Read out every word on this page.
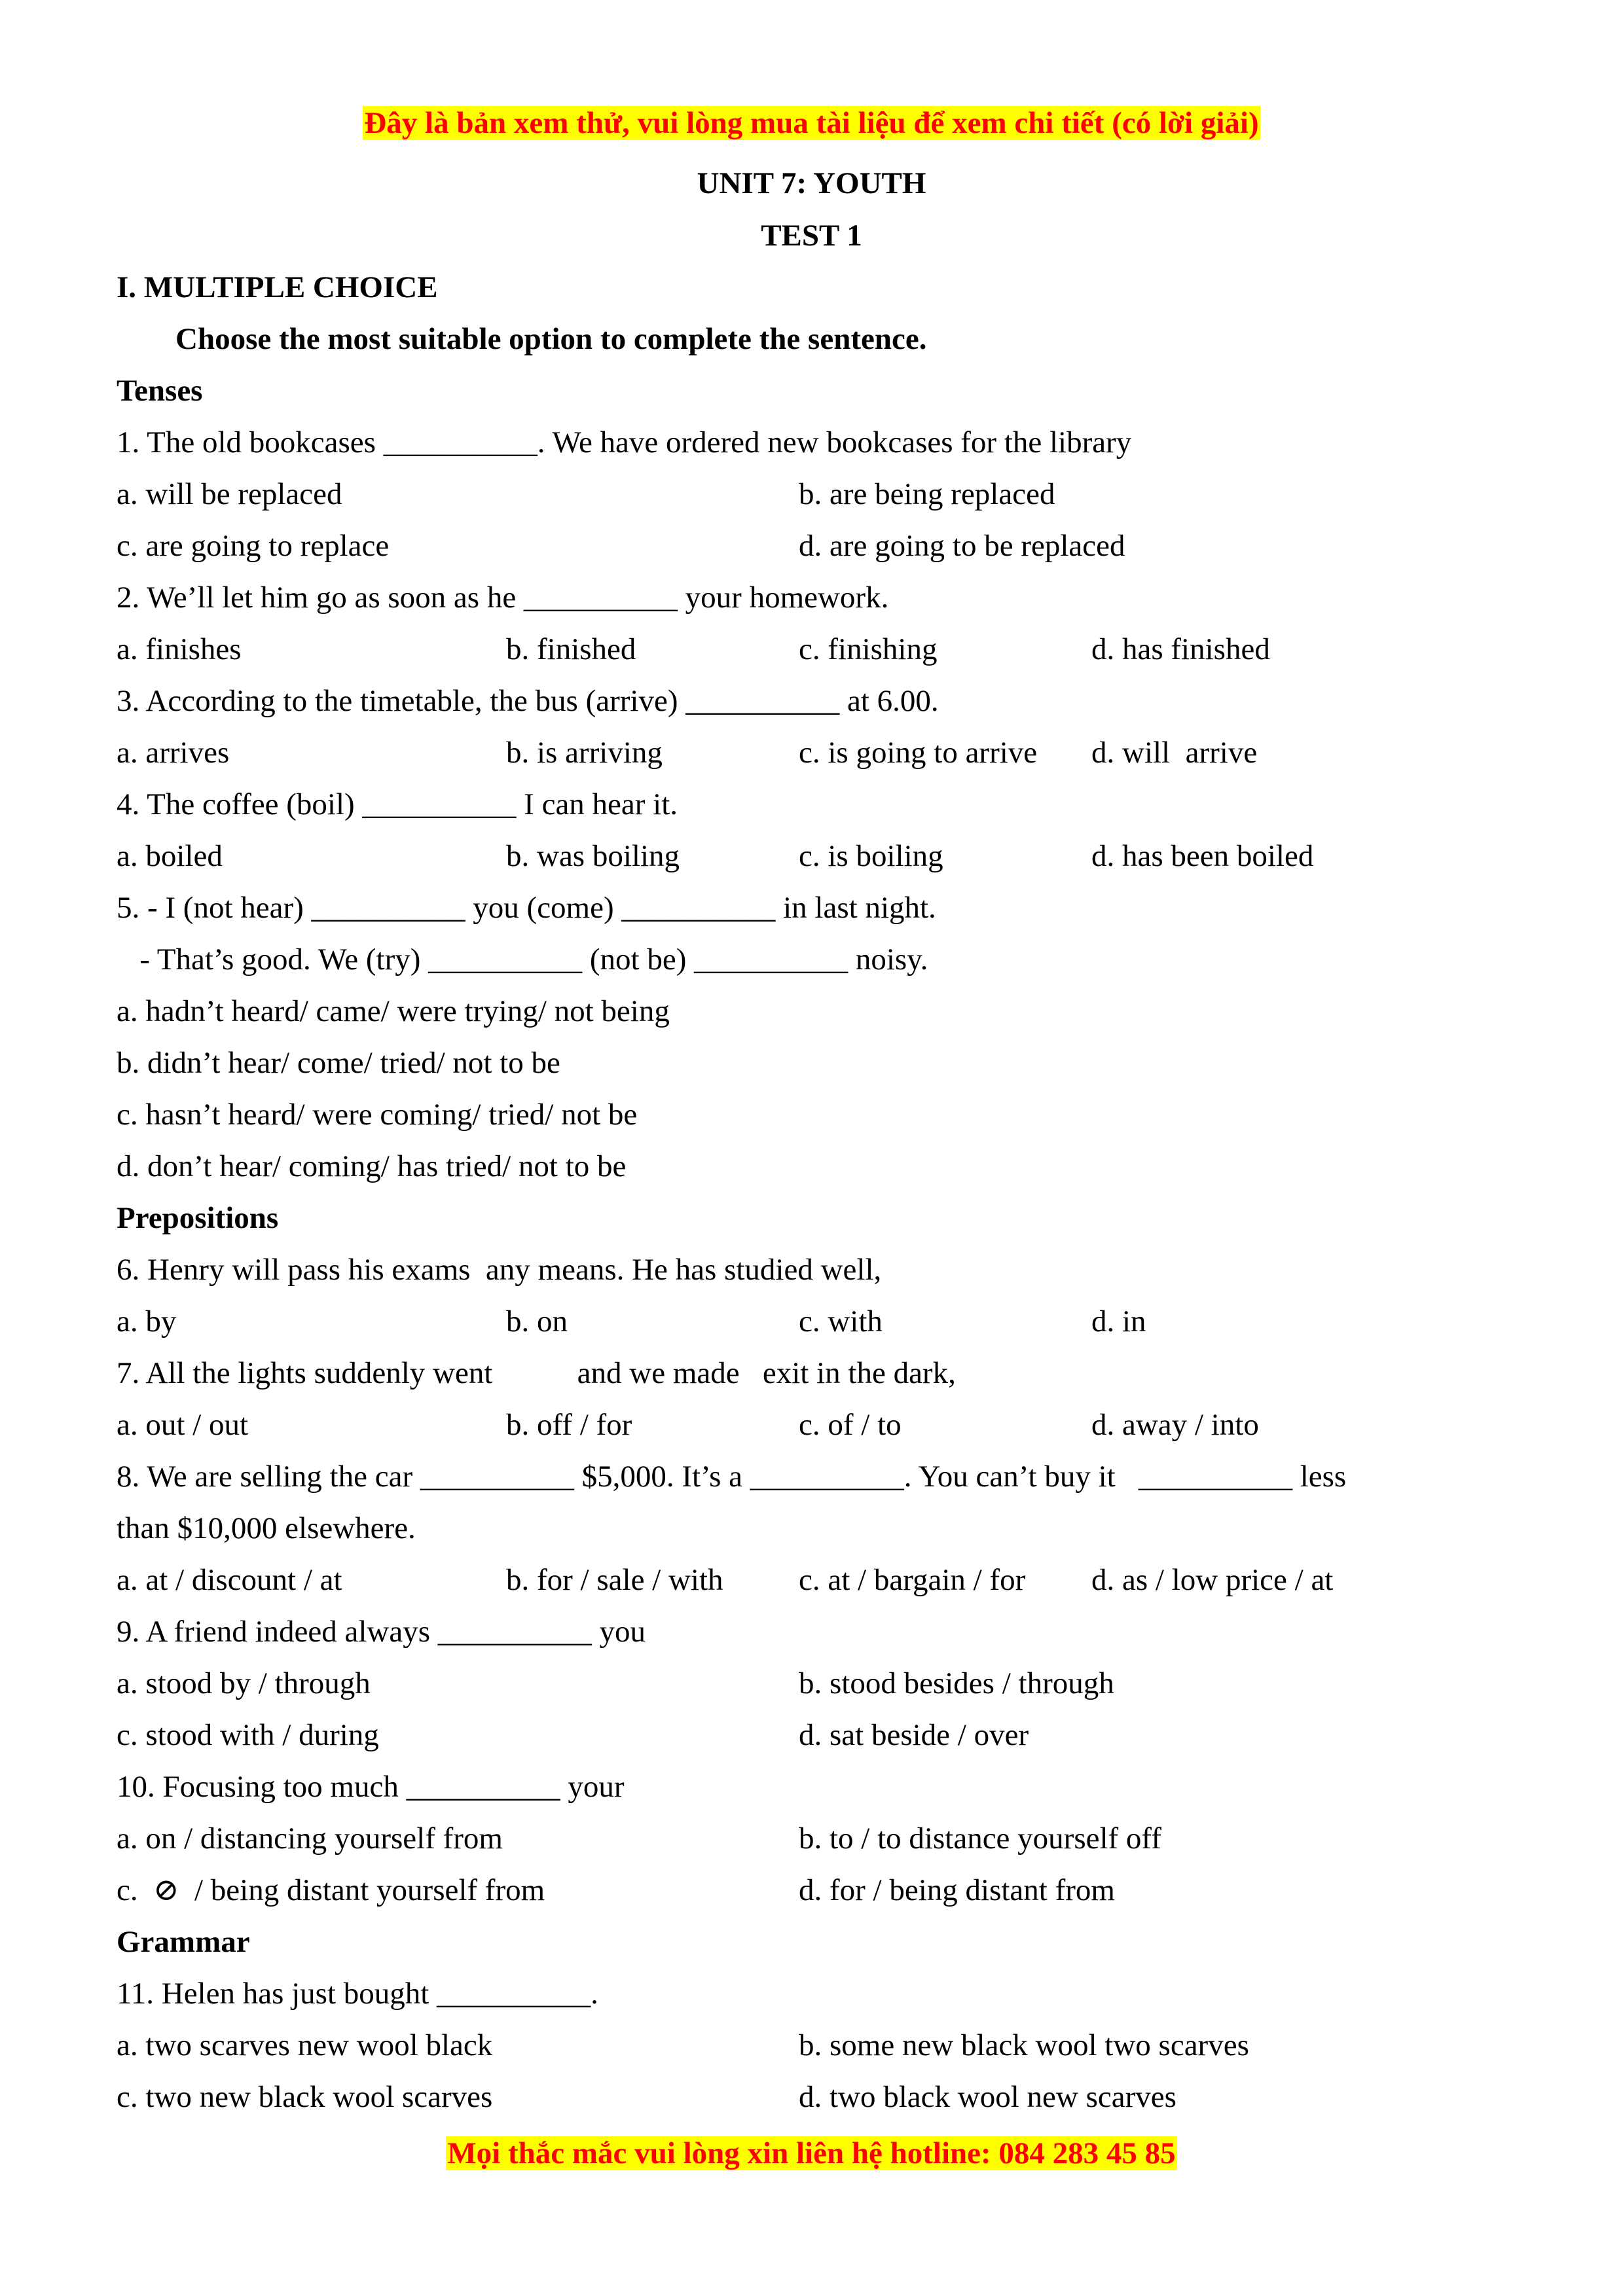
Đây là bản xem thử, vui lòng mua tài liệu để xem chi tiết (có lời giải)
UNIT 7: YOUTH
TEST 1
I. MULTIPLE CHOICE
Choose the most suitable option to complete the sentence.
Tenses
1. The old bookcases __________. We have ordered new bookcases for the library
a. will be replaced	b. are being replaced
c. are going to replace	d. are going to be replaced
2. We’ll let him go as soon as he __________ your homework.
a. finishes	b. finished	c. finishing	d. has finished
3. According to the timetable, the bus (arrive) __________ at 6.00.
a. arrives	b. is arriving	c. is going to arrive d. will  arrive
4. The coffee (boil) __________ I can hear it.
a. boiled	b. was boiling	c. is boiling	d. has been boiled
5. - I (not hear) __________ you (come) __________ in last night.
- That’s good. We (try) __________ (not be) __________ noisy.
a. hadn’t heard/ came/ were trying/ not being
b. didn’t hear/ come/ tried/ not to be
c. hasn’t heard/ were coming/ tried/ not be
d. don’t hear/ coming/ has tried/ not to be
Prepositions
6. Henry will pass his exams  any means. He has studied well,
a. by	b. on	c. with	d. in
7. All the lights suddenly went           and we made   exit in the dark,
a. out / out	b. off / for	c. of / to	d. away / into
8. We are selling the car __________ $5,000. It’s a __________. You can’t buy it   __________ less
than $10,000 elsewhere.
a. at / discount / at	b. for / sale / with c. at / bargain / for d. as / low price / at
9. A friend indeed always __________ you
a. stood by / through	b. stood besides / through
c. stood with / during	d. sat beside / over
10. Focusing too much __________ your
a. on / distancing yourself from	b. to / to distance yourself off
c.  ⊘  / being distant yourself from	d. for / being distant from
Grammar
11. Helen has just bought __________.
a. two scarves new wool black	b. some new black wool two scarves
c. two new black wool scarves	d. two black wool new scarves
Mọi thắc mắc vui lòng xin liên hệ hotline: 084 283 45 85
